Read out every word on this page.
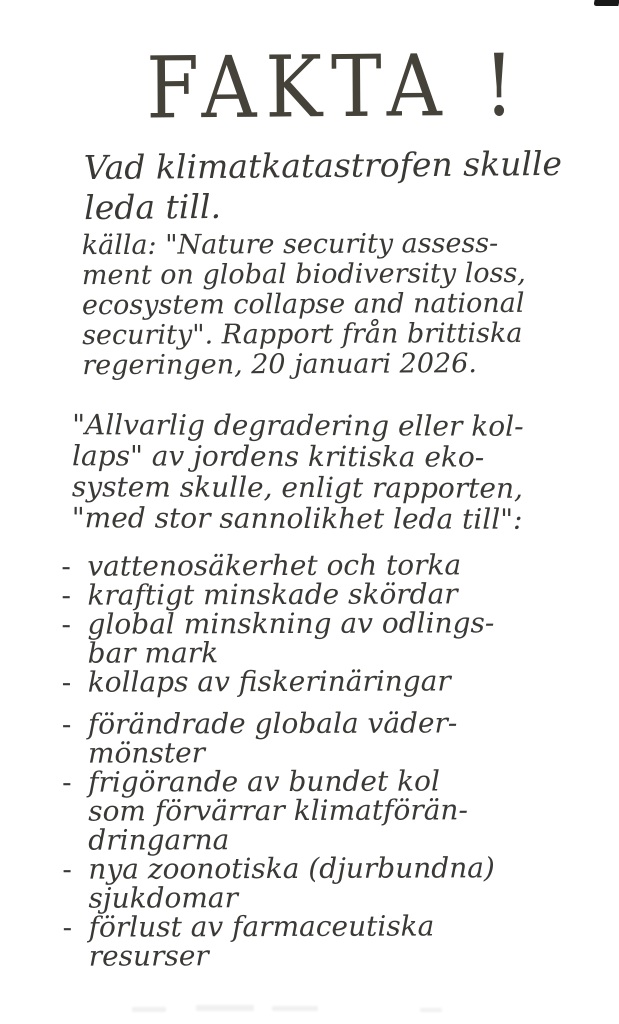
FAKTA !
Vad klimatkatastrofen skulle
leda till.
källa: "Nature security assess-
ment on global biodiversity loss,
ecosystem collapse and national
security". Rapport från brittiska
regeringen, 20 januari 2026.
"Allvarlig degradering eller kol-
laps" av jordens kritiska eko-
system skulle, enligt rapporten,
"med stor sannolikhet leda till":
- vattenosäkerhet och torka
- kraftigt minskade skördar
- global minskning av odlings-
bar mark
- kollaps av fiskerinäringar
- förändrade globala väder-
mönster
- frigörande av bundet kol
som förvärrar klimatförän-
dringarna
- nya zoonotiska (djurbundna)
sjukdomar
- förlust av farmaceutiska
resurser
